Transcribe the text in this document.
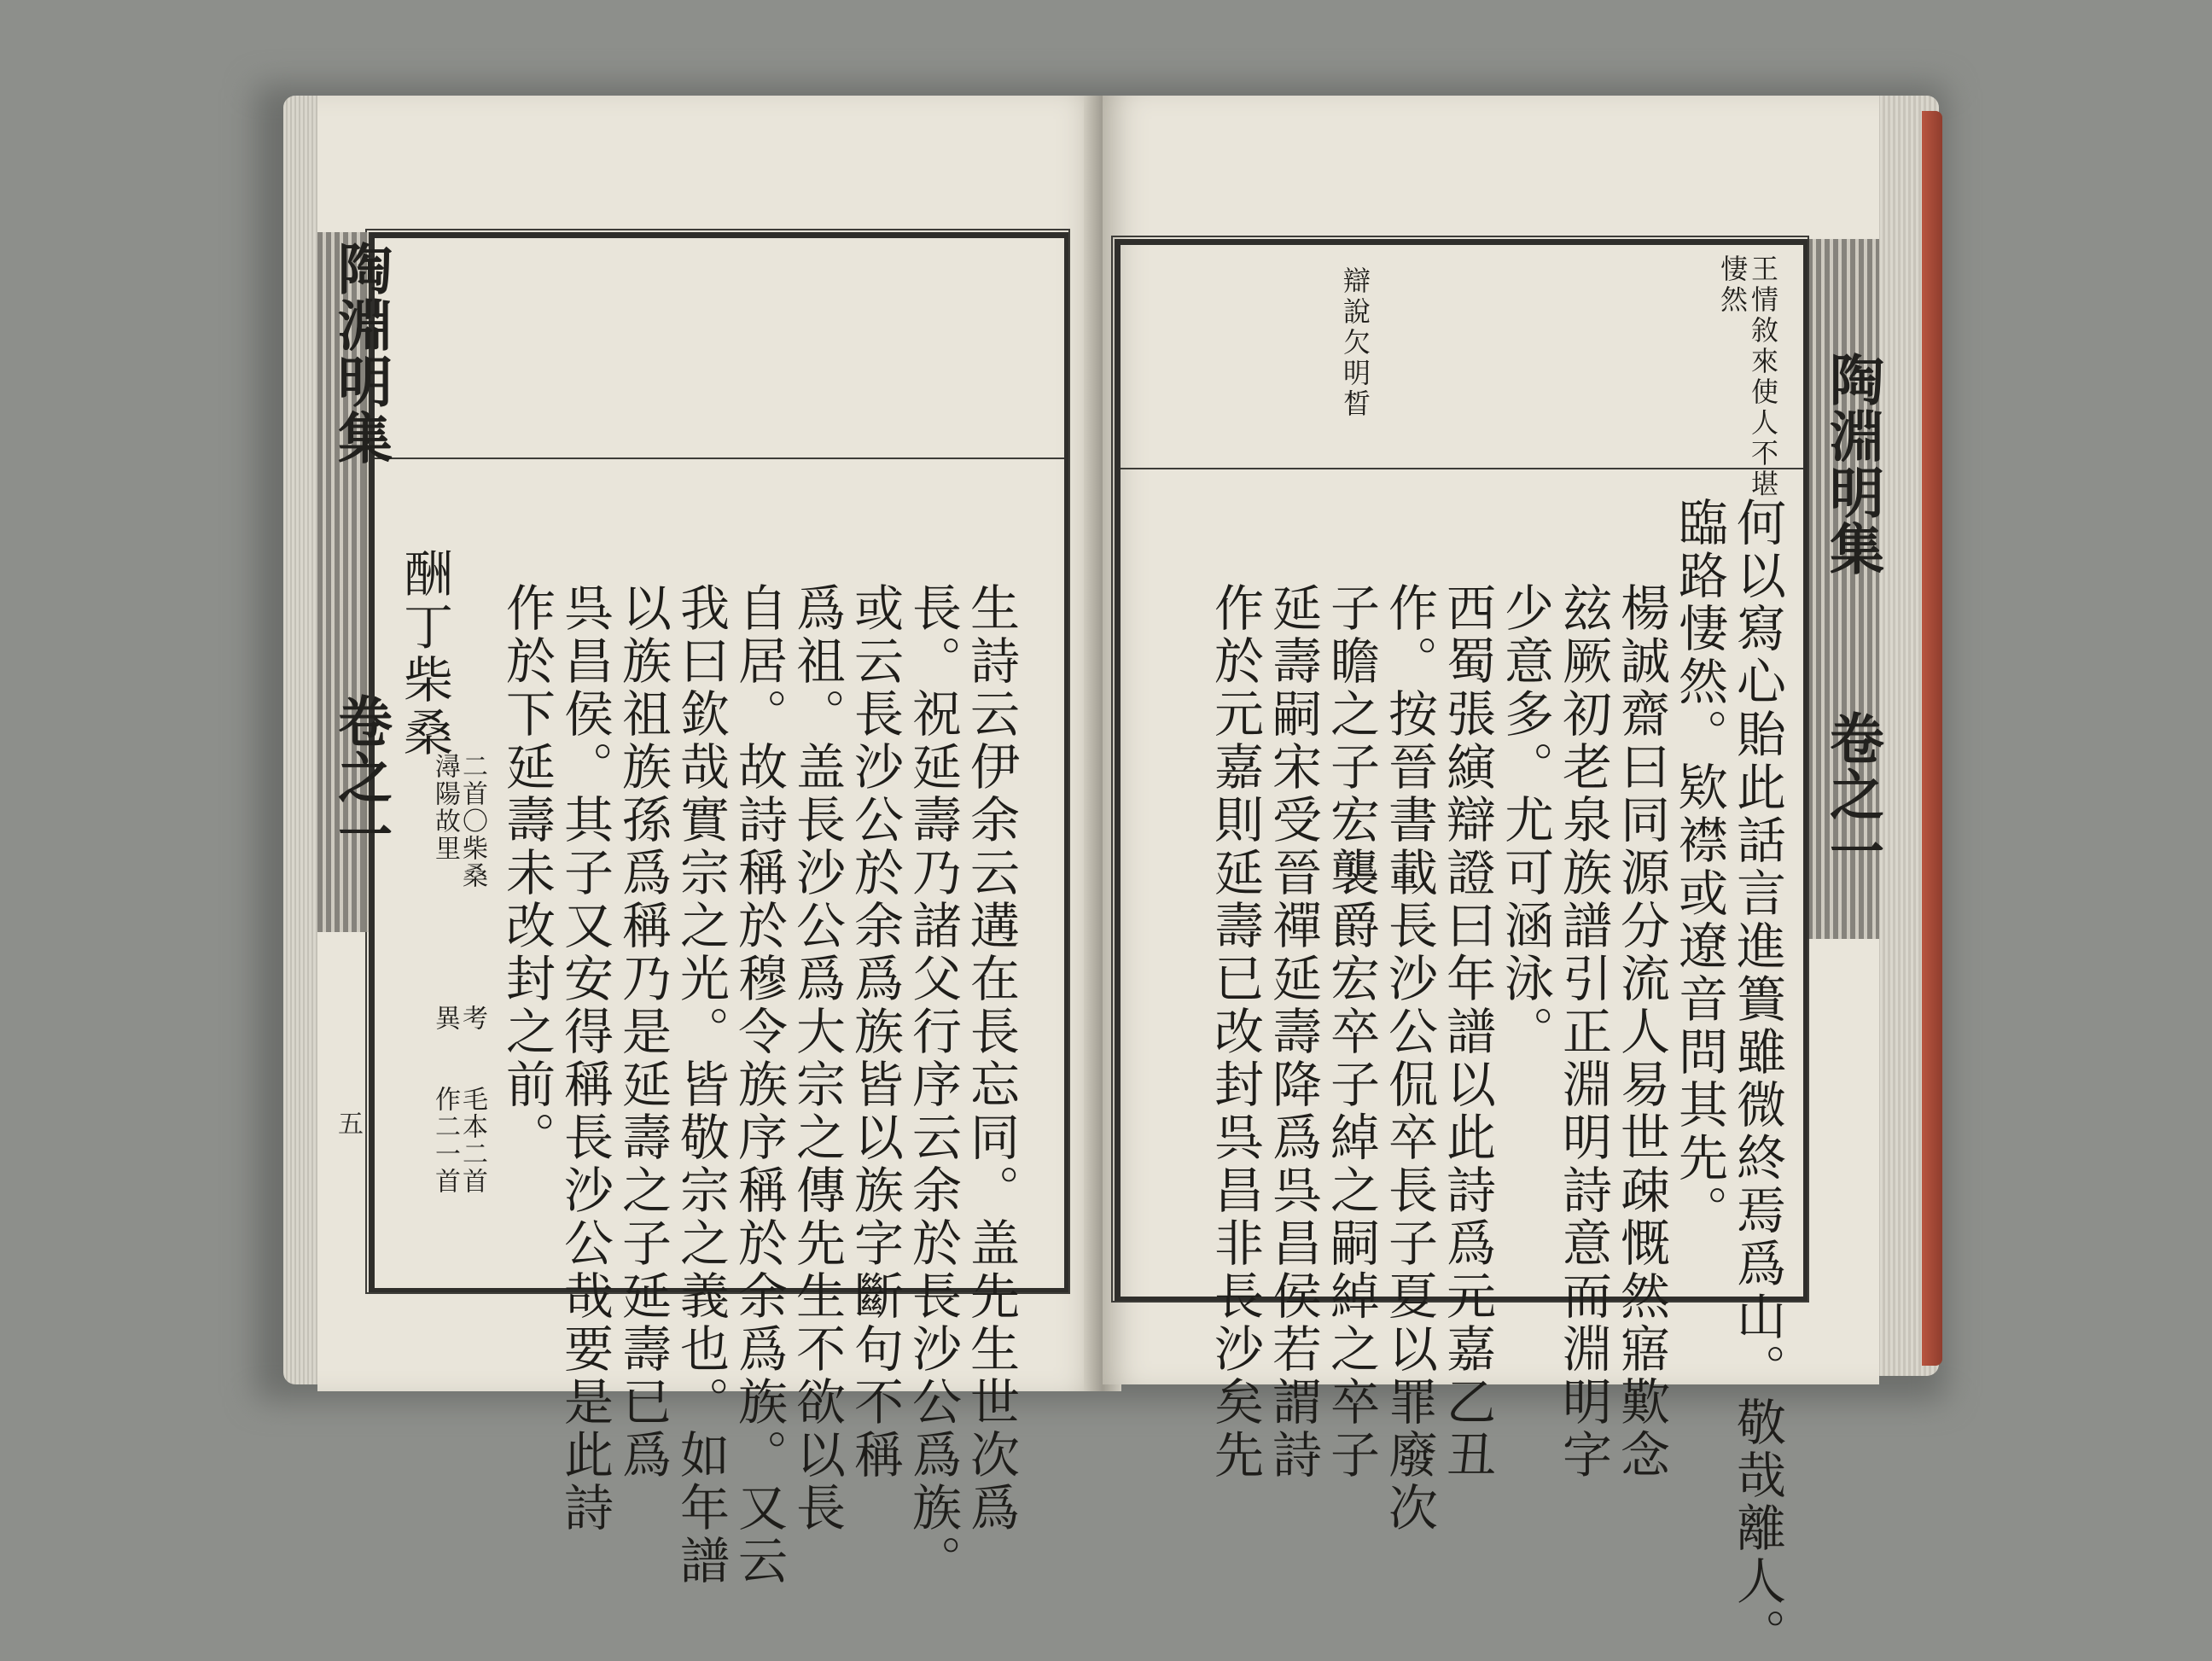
陶淵明集
卷之一
五
酬丁柴桑
二首〇柴桑
潯陽故里
考
異
毛本二首
作二一首	生詩云伊余云遘在長忘同。盖先生世次爲
長。祝延壽乃諸父行序云余於長沙公爲族。
或云長沙公於余爲族皆以族字斷句不稱
爲祖。盖長沙公爲大宗之傳先生不欲以長
自居。故詩稱於穆令族序稱於余爲族。又云
我曰欽哉實宗之光。皆敬宗之義也。如年譜
以族祖族孫爲稱乃是延壽之子延壽已爲
呉昌侯。其子又安得稱長沙公哉要是此詩
作於下延壽未改封之前。
陶淵明集
卷之一
辯說欠明晳	王情敘來使人不堪
悽然
何以寫心貽此話言進簣雖微終焉爲山。敬哉離人。
臨路悽然。欵襟或遼音問其先。
楊誠齋曰同源分流人易世疎慨然寤歎念
玆厥初老泉族譜引正淵明詩意而淵明字
少意多。尤可涵泳。
西蜀張縯辯證曰年譜以此詩爲元嘉乙丑
作。按晉書載長沙公侃卒長子夏以罪廢次
子瞻之子宏襲爵宏卒子綽之嗣綽之卒子
延壽嗣宋受晉禪延壽降爲呉昌侯若謂詩
作於元嘉則延壽已改封呉昌非長沙矣先
